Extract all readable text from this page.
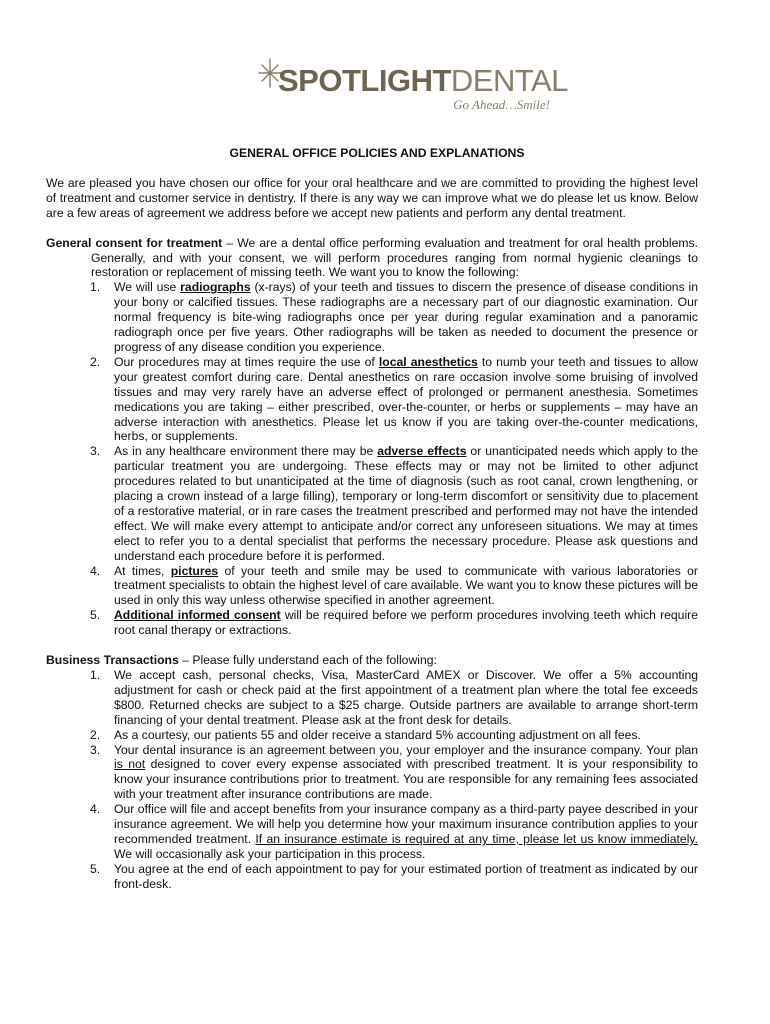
SPOTLIGHTDENTAL
Go Ahead…Smile!
GENERAL OFFICE POLICIES AND EXPLANATIONS

We are pleased you have chosen our office for your oral healthcare and we are committed to providing the highest level of treatment and customer service in dentistry. If there is any way we can improve what we do please let us know. Below are a few areas of agreement we address before we accept new patients and perform any dental treatment.

General consent for treatment – We are a dental office performing evaluation and treatment for oral health problems. Generally, and with your consent, we will perform procedures ranging from normal hygienic cleanings to restoration or replacement of missing teeth. We want you to know the following:
1. We will use radiographs (x-rays) of your teeth and tissues to discern the presence of disease conditions in your bony or calcified tissues. These radiographs are a necessary part of our diagnostic examination. Our normal frequency is bite-wing radiographs once per year during regular examination and a panoramic radiograph once per five years. Other radiographs will be taken as needed to document the presence or progress of any disease condition you experience.
2. Our procedures may at times require the use of local anesthetics to numb your teeth and tissues to allow your greatest comfort during care. Dental anesthetics on rare occasion involve some bruising of involved tissues and may very rarely have an adverse effect of prolonged or permanent anesthesia. Sometimes medications you are taking – either prescribed, over-the-counter, or herbs or supplements – may have an adverse interaction with anesthetics. Please let us know if you are taking over-the-counter medications, herbs, or supplements.
3. As in any healthcare environment there may be adverse effects or unanticipated needs which apply to the particular treatment you are undergoing. These effects may or may not be limited to other adjunct procedures related to but unanticipated at the time of diagnosis (such as root canal, crown lengthening, or placing a crown instead of a large filling), temporary or long-term discomfort or sensitivity due to placement of a restorative material, or in rare cases the treatment prescribed and performed may not have the intended effect. We will make every attempt to anticipate and/or correct any unforeseen situations. We may at times elect to refer you to a dental specialist that performs the necessary procedure. Please ask questions and understand each procedure before it is performed.
4. At times, pictures of your teeth and smile may be used to communicate with various laboratories or treatment specialists to obtain the highest level of care available. We want you to know these pictures will be used in only this way unless otherwise specified in another agreement.
5. Additional informed consent will be required before we perform procedures involving teeth which require root canal therapy or extractions.
Business Transactions – Please fully understand each of the following:
1. We accept cash, personal checks, Visa, MasterCard AMEX or Discover. We offer a 5% accounting adjustment for cash or check paid at the first appointment of a treatment plan where the total fee exceeds $800. Returned checks are subject to a $25 charge. Outside partners are available to arrange short-term financing of your dental treatment. Please ask at the front desk for details.
2. As a courtesy, our patients 55 and older receive a standard 5% accounting adjustment on all fees.
3. Your dental insurance is an agreement between you, your employer and the insurance company. Your plan is not designed to cover every expense associated with prescribed treatment. It is your responsibility to know your insurance contributions prior to treatment. You are responsible for any remaining fees associated with your treatment after insurance contributions are made.
4. Our office will file and accept benefits from your insurance company as a third-party payee described in your insurance agreement. We will help you determine how your maximum insurance contribution applies to your recommended treatment. If an insurance estimate is required at any time, please let us know immediately. We will occasionally ask your participation in this process.
5. You agree at the end of each appointment to pay for your estimated portion of treatment as indicated by our front-desk.
